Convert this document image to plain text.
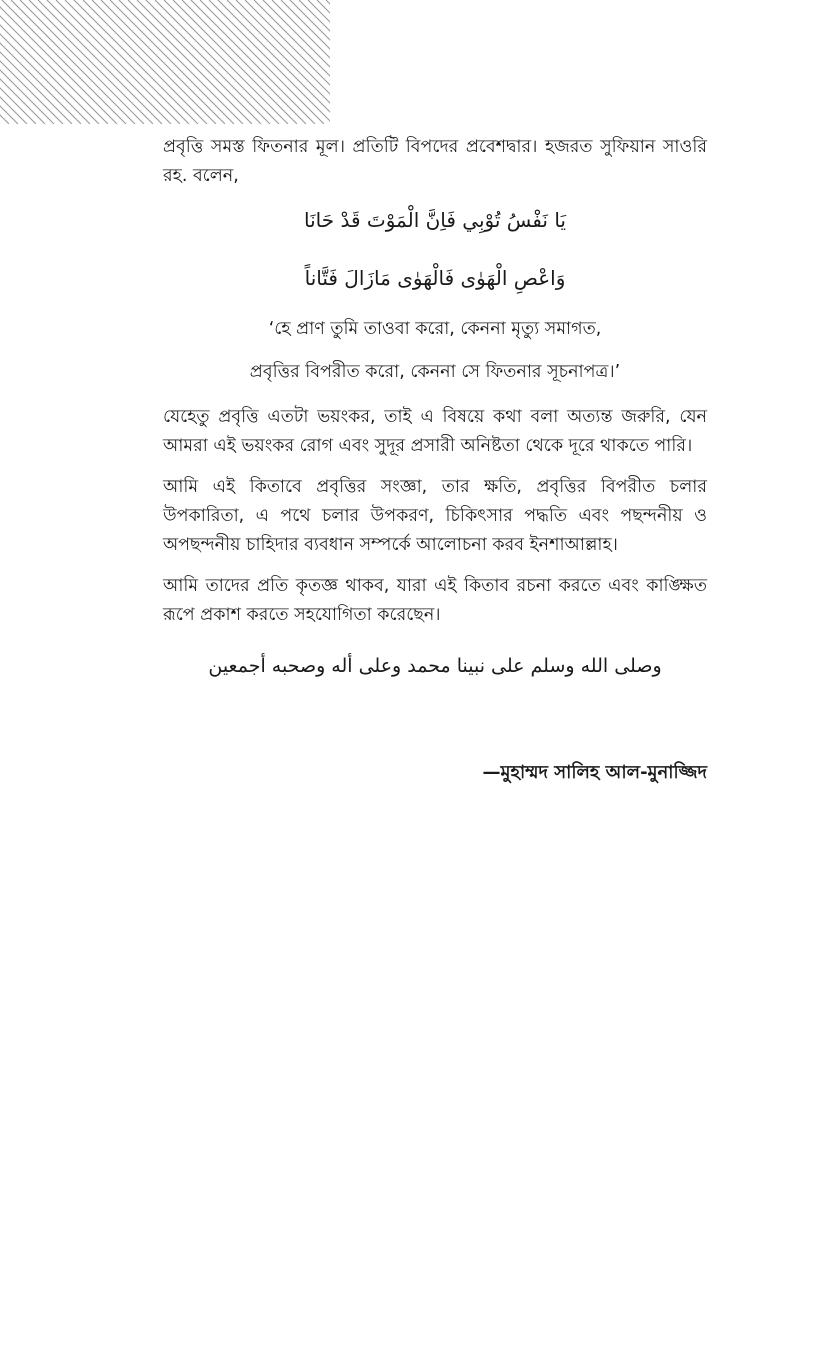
প্রবৃত্তি সমস্ত ফিতনার মূল। প্রতিটি বিপদের প্রবেশদ্বার। হজরত সুফিয়ান সাওরি রহ. বলেন,

يَا نَفْسُ تُوْبِي فَاِنَّ الْمَوْتَ قَدْ حَانَا

وَاعْصِ الْهَوٰى فَالْهَوٰى مَازَالَ فَتَّاناً

‘হে প্রাণ তুমি তাওবা করো, কেননা মৃত্যু সমাগত,

প্রবৃত্তির বিপরীত করো, কেননা সে ফিতনার সূচনাপত্র।’

যেহেতু প্রবৃত্তি এতটা ভয়ংকর, তাই এ বিষয়ে কথা বলা অত্যন্ত জরুরি, যেন আমরা এই ভয়ংকর রোগ এবং সুদূর প্রসারী অনিষ্টতা থেকে দূরে থাকতে পারি।

আমি এই কিতাবে প্রবৃত্তির সংজ্ঞা, তার ক্ষতি, প্রবৃত্তির বিপরীত চলার উপকারিতা, এ পথে চলার উপকরণ, চিকিৎসার পদ্ধতি এবং পছন্দনীয় ও অপছন্দনীয় চাহিদার ব্যবধান সম্পর্কে আলোচনা করব ইনশাআল্লাহ।

আমি তাদের প্রতি কৃতজ্ঞ থাকব, যারা এই কিতাব রচনা করতে এবং কাঙ্ক্ষিত রূপে প্রকাশ করতে সহযোগিতা করেছেন।

وصلى الله وسلم على نبينا محمد وعلى أله وصحبه أجمعين

—মুহাম্মদ সালিহ আল-মুনাজ্জিদ
